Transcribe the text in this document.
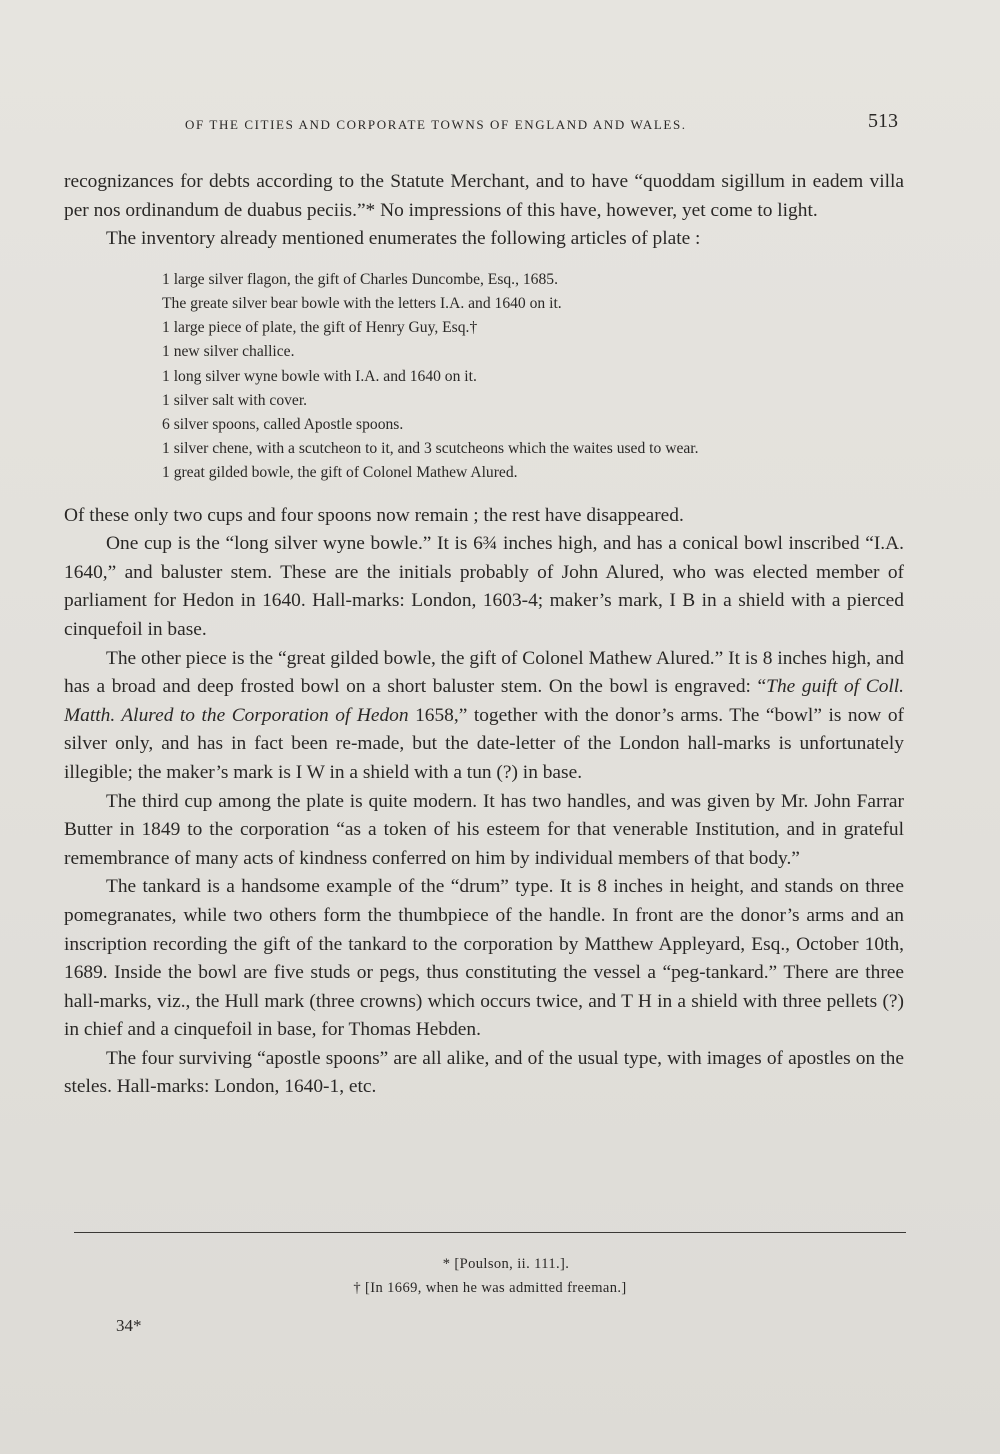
OF THE CITIES AND CORPORATE TOWNS OF ENGLAND AND WALES.	513

recognizances for debts according to the Statute Merchant, and to have “quoddam sigillum in eadem villa per nos ordinandum de duabus peciis.”* No impressions of this have, however, yet come to light.

The inventory already mentioned enumerates the following articles of plate :

1 large silver flagon, the gift of Charles Duncombe, Esq., 1685.
The greate silver bear bowle with the letters I.A. and 1640 on it.
1 large piece of plate, the gift of Henry Guy, Esq.†
1 new silver challice.
1 long silver wyne bowle with I.A. and 1640 on it.
1 silver salt with cover.
6 silver spoons, called Apostle spoons.
1 silver chene, with a scutcheon to it, and 3 scutcheons which the waites used to wear.
1 great gilded bowle, the gift of Colonel Mathew Alured.

Of these only two cups and four spoons now remain ; the rest have disappeared.

One cup is the “long silver wyne bowle.” It is 6¾ inches high, and has a conical bowl inscribed “I.A. 1640,” and baluster stem. These are the initials probably of John Alured, who was elected member of parliament for Hedon in 1640. Hall-marks: London, 1603-4; maker’s mark, I B in a shield with a pierced cinquefoil in base.

The other piece is the “great gilded bowle, the gift of Colonel Mathew Alured.” It is 8 inches high, and has a broad and deep frosted bowl on a short baluster stem. On the bowl is engraved: “The guift of Coll. Matth. Alured to the Corporation of Hedon 1658,” together with the donor’s arms. The “bowl” is now of silver only, and has in fact been re-made, but the date-letter of the London hall-marks is unfortunately illegible; the maker’s mark is I W in a shield with a tun (?) in base.

The third cup among the plate is quite modern. It has two handles, and was given by Mr. John Farrar Butter in 1849 to the corporation “as a token of his esteem for that venerable Institution, and in grateful remembrance of many acts of kindness conferred on him by individual members of that body.”

The tankard is a handsome example of the “drum” type. It is 8 inches in height, and stands on three pomegranates, while two others form the thumbpiece of the handle. In front are the donor’s arms and an inscription recording the gift of the tankard to the corporation by Matthew Appleyard, Esq., October 10th, 1689. Inside the bowl are five studs or pegs, thus constituting the vessel a “peg-tankard.” There are three hall-marks, viz., the Hull mark (three crowns) which occurs twice, and T H in a shield with three pellets (?) in chief and a cinquefoil in base, for Thomas Hebden.

The four surviving “apostle spoons” are all alike, and of the usual type, with images of apostles on the steles. Hall-marks: London, 1640-1, etc.

* [Poulson, ii. 111.].
† [In 1669, when he was admitted freeman.]
34*
